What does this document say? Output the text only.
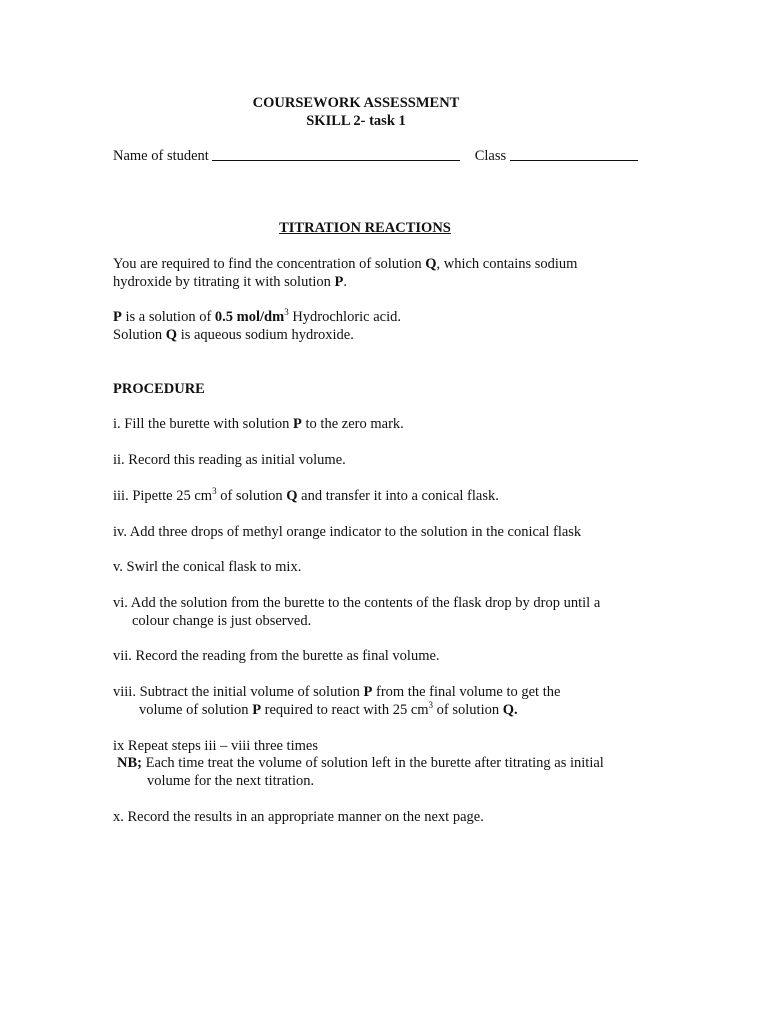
COURSEWORK ASSESSMENT
SKILL 2- task 1
Name of student	Class
TITRATION REACTIONS
You are required to find the concentration of solution Q, which contains sodium
hydroxide by titrating it with solution P.
P is a solution of 0.5 mol/$dm^3$ Hydrochloric acid.
Solution Q is aqueous sodium hydroxide.
PROCEDURE
i. Fill the burette with solution P to the zero mark.
ii. Record this reading as initial volume.
iii. Pipette 25 $cm^3$ of solution Q and transfer it into a conical flask.
iv. Add three drops of methyl orange indicator to the solution in the conical flask
v. Swirl the conical flask to mix.
vi. Add the solution from the burette to the contents of the flask drop by drop until a
colour change is just observed.
vii. Record the reading from the burette as final volume.
viii. Subtract the initial volume of solution P from the final volume to get the
volume of solution P required to react with 25 $cm^3$ of solution Q.
ix Repeat steps iii – viii three times
NB; Each time treat the volume of solution left in the burette after titrating as initial
volume for the next titration.
x. Record the results in an appropriate manner on the next page.
